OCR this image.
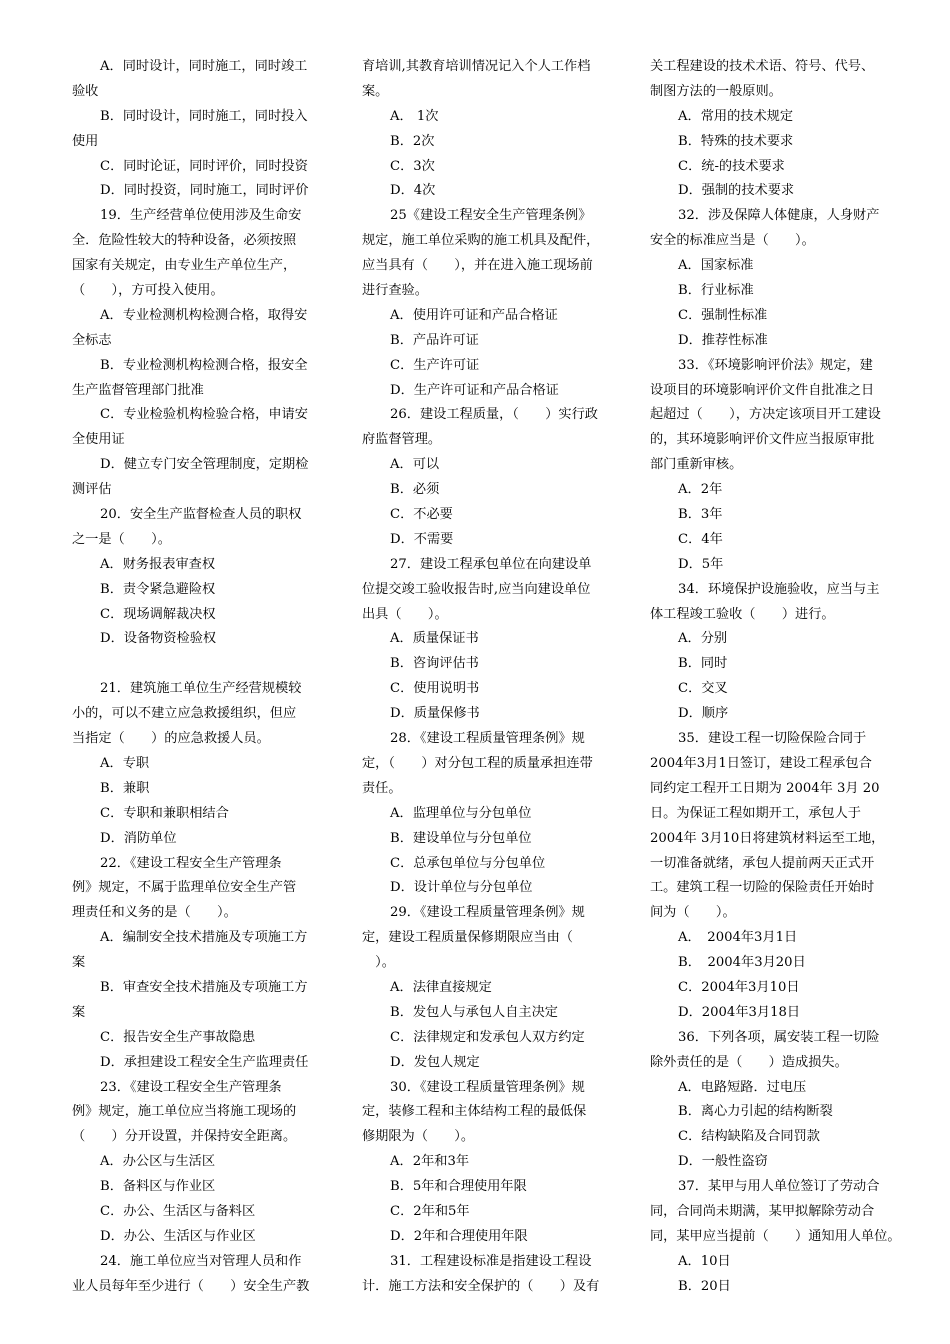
A．同时设计，同时施工，同时竣工
验收
B．同时设计，同时施工，同时投入
使用
C．同时论证，同时评价，同时投资
D．同时投资，同时施工，同时评价
19．生产经营单位使用涉及生命安
全．危险性较大的特种设备，必须按照
国家有关规定，由专业生产单位生产，
（　　），方可投入使用。
A．专业检测机构检测合格，取得安
全标志
B．专业检测机构检测合格，报安全
生产监督管理部门批准
C．专业检验机构检验合格，申请安
全使用证
D．健立专门安全管理制度，定期检
测评估
20．安全生产监督检查人员的职权
之一是（　　）。
A．财务报表审查权
B．责令紧急避险权
C．现场调解裁决权
D．设备物资检验权
21．建筑施工单位生产经营规模较
小的，可以不建立应急救援组织，但应
当指定（　　）的应急救援人员。
A．专职
B．兼职
C．专职和兼职相结合
D．消防单位
22．《建设工程安全生产管理条
例》规定，不属于监理单位安全生产管
理责任和义务的是（　　）。
A．编制安全技术措施及专项施工方
案
B．审查安全技术措施及专项施工方
案
C．报告安全生产事故隐患
D．承担建设工程安全生产监理责任
23．《建设工程安全生产管理条
例》规定，施工单位应当将施工现场的
（　　）分开设置，并保持安全距离。
A．办公区与生活区
B．备料区与作业区
C．办公、生活区与备料区
D．办公、生活区与作业区
24．施工单位应当对管理人员和作
业人员每年至少进行（　　）安全生产教
育培训,其教育培训情况记入个人工作档
案。
A． 1次
B．2次
C．3次
D．4次
25《建设工程安全生产管理条例》
规定，施工单位采购的施工机具及配件，
应当具有（　　），并在进入施工现场前
进行查验。
A．使用许可证和产品合格证
B．产品许可证
C．生产许可证
D．生产许可证和产品合格证
26．建设工程质量，（　　）实行政
府监督管理。
A．可以
B．必须
C．不必要
D．不需要
27．建设工程承包单位在向建设单
位提交竣工验收报告时,应当向建设单位
出具（　　）。
A．质量保证书
B．咨询评估书
C．使用说明书
D．质量保修书
28．《建设工程质量管理条例》规
定，（　　）对分包工程的质量承担连带
责任。
A．监理单位与分包单位
B．建设单位与分包单位
C．总承包单位与分包单位
D．设计单位与分包单位
29．《建设工程质量管理条例》规
定，建设工程质量保修期限应当由（
　）。
A．法律直接规定
B．发包人与承包人自主决定
C．法律规定和发承包人双方约定
D．发包人规定
30．《建设工程质量管理条例》规
定，装修工程和主体结构工程的最低保
修期限为（　　）。
A．2年和3年
B．5年和合理使用年限
C．2年和5年
D．2年和合理使用年限
31．工程建设标准是指建设工程设
计．施工方法和安全保护的（　　）及有
关工程建设的技术术语、符号、代号、
制图方法的一般原则。
A．常用的技术规定
B．特殊的技术要求
C．统-的技术要求
D．强制的技术要求
32．涉及保障人体健康，人身财产
安全的标准应当是（　　）。
A．国家标准
B．行业标准
C．强制性标准
D．推荐性标准
33．《环境影响评价法》规定，建
设项目的环境影响评价文件自批准之日
起超过（　　），方决定该项目开工建设
的，其环境影响评价文件应当报原审批
部门重新审核。
A．2年
B．3年
C．4年
D．5年
34．环境保护设施验收，应当与主
体工程竣工验收（　　）进行。
A．分别
B．同时
C．交叉
D．顺序
35．建设工程一切险保险合同于
2004年3月1日签订，建设工程承包合
同约定工程开工日期为 2004年 3月 20
日。为保证工程如期开工，承包人于
2004年 3月10日将建筑材料运至工地，
一切准备就绪，承包人提前两天正式开
工。建筑工程一切险的保险责任开始时
间为（　　）。
A．　2004年3月1日
B．　2004年3月20日
C．2004年3月10日
D．2004年3月18日
36．下列各项，属安装工程一切险
除外责任的是（　　）造成损失。
A．电路短路．过电压
B．离心力引起的结构断裂
C．结构缺陷及合同罚款
D．一般性盗窃
37．某甲与用人单位签订了劳动合
同，合同尚未期满，某甲拟解除劳动合
同，某甲应当提前（　　）通知用人单位。
A．10日
B．20日
